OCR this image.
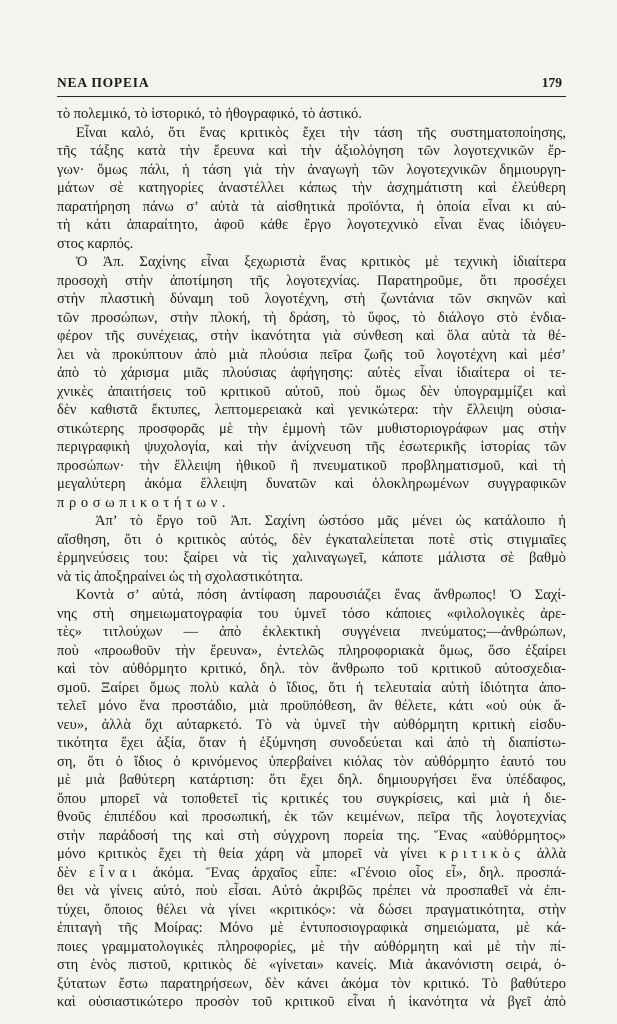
ΝΕΑ ΠΟΡΕΙΑ	179
τὸ πολεμικό, τὸ ἱστορικό, τὸ ἠθογραφικό, τὸ ἀστικό.
Εἶναι καλό, ὅτι ἕνας κριτικὸς ἔχει τὴν τάση τῆς συστηματοποίησης,
τῆς τάξης κατὰ τὴν ἔρευνα καὶ τὴν ἀξιολόγηση τῶν λογοτεχνικῶν ἔρ-
γων· ὅμως πάλι, ἡ τάση γιὰ τὴν ἀναγωγὴ τῶν λογοτεχνικῶν δημιουργη-
μάτων σὲ κατηγορίες ἀναστέλλει κάπως τὴν ἀσχημάτιστη καὶ ἐλεύθερη
παρατήρηση πάνω σ’ αὐτὰ τὰ αἰσθητικὰ προϊόντα, ἡ ὁποία εἶναι κι αὐ-
τὴ κάτι ἀπαραίτητο, ἀφοῦ κάθε ἔργο λογοτεχνικὸ εἶναι ἕνας ἰδιόγευ-
στος καρπός.
Ὁ Ἀπ. Σαχίνης εἶναι ξεχωριστὰ ἕνας κριτικὸς μὲ τεχνικὴ ἰδιαίτερα
προσοχὴ στὴν ἀποτίμηση τῆς λογοτεχνίας. Παρατηροῦμε, ὅτι προσέχει
στὴν πλαστικὴ δύναμη τοῦ λογοτέχνη, στὴ ζωντάνια τῶν σκηνῶν καὶ
τῶν προσώπων, στὴν πλοκή, τὴ δράση, τὸ ὕφος, τὸ διάλογο στὸ ἐνδια-
φέρον τῆς συνέχειας, στὴν ἱκανότητα γιὰ σύνθεση καὶ ὅλα αὐτὰ τὰ θέ-
λει νὰ προκύπτουν ἀπὸ μιὰ πλούσια πεῖρα ζωῆς τοῦ λογοτέχνη καὶ μέσ’
ἀπὸ τὸ χάρισμα μιᾶς πλούσιας ἀφήγησης: αὐτὲς εἶναι ἰδιαίτερα οἱ τε-
χνικὲς ἀπαιτήσεις τοῦ κριτικοῦ αὐτοῦ, ποὺ ὅμως δὲν ὑπογραμμίζει καὶ
δὲν καθιστᾶ ἔκτυπες, λεπτομερειακὰ καὶ γενικώτερα: τὴν ἔλλειψη οὐσια-
στικώτερης προσφορᾶς μὲ τὴν ἐμμονὴ τῶν μυθιστοριογράφων μας στὴν
περιγραφικὴ ψυχολογία, καὶ τὴν ἀνίχνευση τῆς ἐσωτερικῆς ἱστορίας τῶν
προσώπων· τὴν ἔλλειψη ἠθικοῦ ἢ πνευματικοῦ προβληματισμοῦ, καὶ τὴ
μεγαλύτερη ἀκόμα ἔλλειψη δυνατῶν καὶ ὁλοκληρωμένων συγγραφικῶν
προσωπικοτήτων.
Ἀπ’ τὸ ἔργο τοῦ Ἀπ. Σαχίνη ὡστόσο μᾶς μένει ὡς κατάλοιπο ἡ
αἴσθηση, ὅτι ὁ κριτικὸς αὐτός, δὲν ἐγκαταλείπεται ποτὲ στὶς στιγμιαῖες
ἑρμηνεύσεις του: ξαίρει νὰ τὶς χαλιναγωγεῖ, κάποτε μάλιστα σὲ βαθμὸ
νὰ τὶς ἀποξηραίνει ὡς τὴ σχολαστικότητα.
Κοντὰ σ’ αὐτά, πόση ἀντίφαση παρουσιάζει ἕνας ἄνθρωπος! Ὁ Σαχί-
νης στὴ σημειωματογραφία του ὑμνεῖ τόσο κάποιες «φιλολογικὲς ἀρε-
τὲς» τιτλούχων — ἀπὸ ἐκλεκτικὴ συγγένεια πνεύματος;—ἀνθρώπων,
ποὺ «προωθοῦν τὴν ἔρευνα», ἐντελῶς πληροφοριακὰ ὅμως, ὅσο ἐξαίρει
καὶ τὸν αὐθόρμητο κριτικό, δηλ. τὸν ἄνθρωπο τοῦ κριτικοῦ αὐτοσχεδια-
σμοῦ. Ξαίρει ὅμως πολὺ καλὰ ὁ ἴδιος, ὅτι ἡ τελευταία αὐτὴ ἰδιότητα ἀπο-
τελεῖ μόνο ἕνα προστάδιο, μιὰ προϋπόθεση, ἂν θέλετε, κάτι «οὐ οὐκ ἄ-
νευ», ἀλλὰ ὄχι αὐταρκετό. Τὸ νὰ ὑμνεῖ τὴν αὐθόρμητη κριτικὴ εἰσδυ-
τικότητα ἔχει ἀξία, ὅταν ἡ ἐξύμνηση συνοδεύεται καὶ ἀπὸ τὴ διαπίστω-
ση, ὅτι ὁ ἴδιος ὁ κρινόμενος ὑπερβαίνει κιόλας τὸν αὐθόρμητο ἑαυτό του
μὲ μιὰ βαθύτερη κατάρτιση: ὅτι ἔχει δηλ. δημιουργήσει ἕνα ὑπέδαφος,
ὅπου μπορεῖ νὰ τοποθετεῖ τὶς κριτικές του συγκρίσεις, καὶ μιὰ ἡ διε-
θνοῦς ἐπιπέδου καὶ προσωπική, ἐκ τῶν κειμένων, πεῖρα τῆς λογοτεχνίας
στὴν παράδοσή της καὶ στὴ σύγχρονη πορεία της. Ἕνας «αὐθόρμητος»
μόνο κριτικὸς ἔχει τὴ θεία χάρη νὰ μπορεῖ νὰ γίνει κριτικὸς ἀλλὰ
δὲν εἶναι ἀκόμα. Ἕνας ἀρχαῖος εἶπε: «Γένοιο οἷος εἶ», δηλ. προσπά-
θει νὰ γίνεις αὐτό, ποὺ εἶσαι. Αὐτὸ ἀκριβῶς πρέπει νὰ προσπαθεῖ νὰ ἐπι-
τύχει, ὅποιος θέλει νὰ γίνει «κριτικός»: νὰ δώσει πραγματικότητα, στὴν
ἐπιταγὴ τῆς Μοίρας: Μόνο μὲ ἐντυποσιογραφικὰ σημειώματα, μὲ κά-
ποιες γραμματολογικὲς πληροφορίες, μὲ τὴν αὐθόρμητη καὶ μὲ τὴν πί-
στη ἑνὸς πιστοῦ, κριτικὸς δὲ «γίνεται» κανείς. Μιὰ ἀκανόνιστη σειρά, ὀ-
ξύτατων ἔστω παρατηρήσεων, δὲν κάνει ἀκόμα τὸν κριτικό. Τὸ βαθύτερο
καὶ οὐσιαστικώτερο προσὸν τοῦ κριτικοῦ εἶναι ἡ ἱκανότητα νὰ βγεῖ ἀπὸ
